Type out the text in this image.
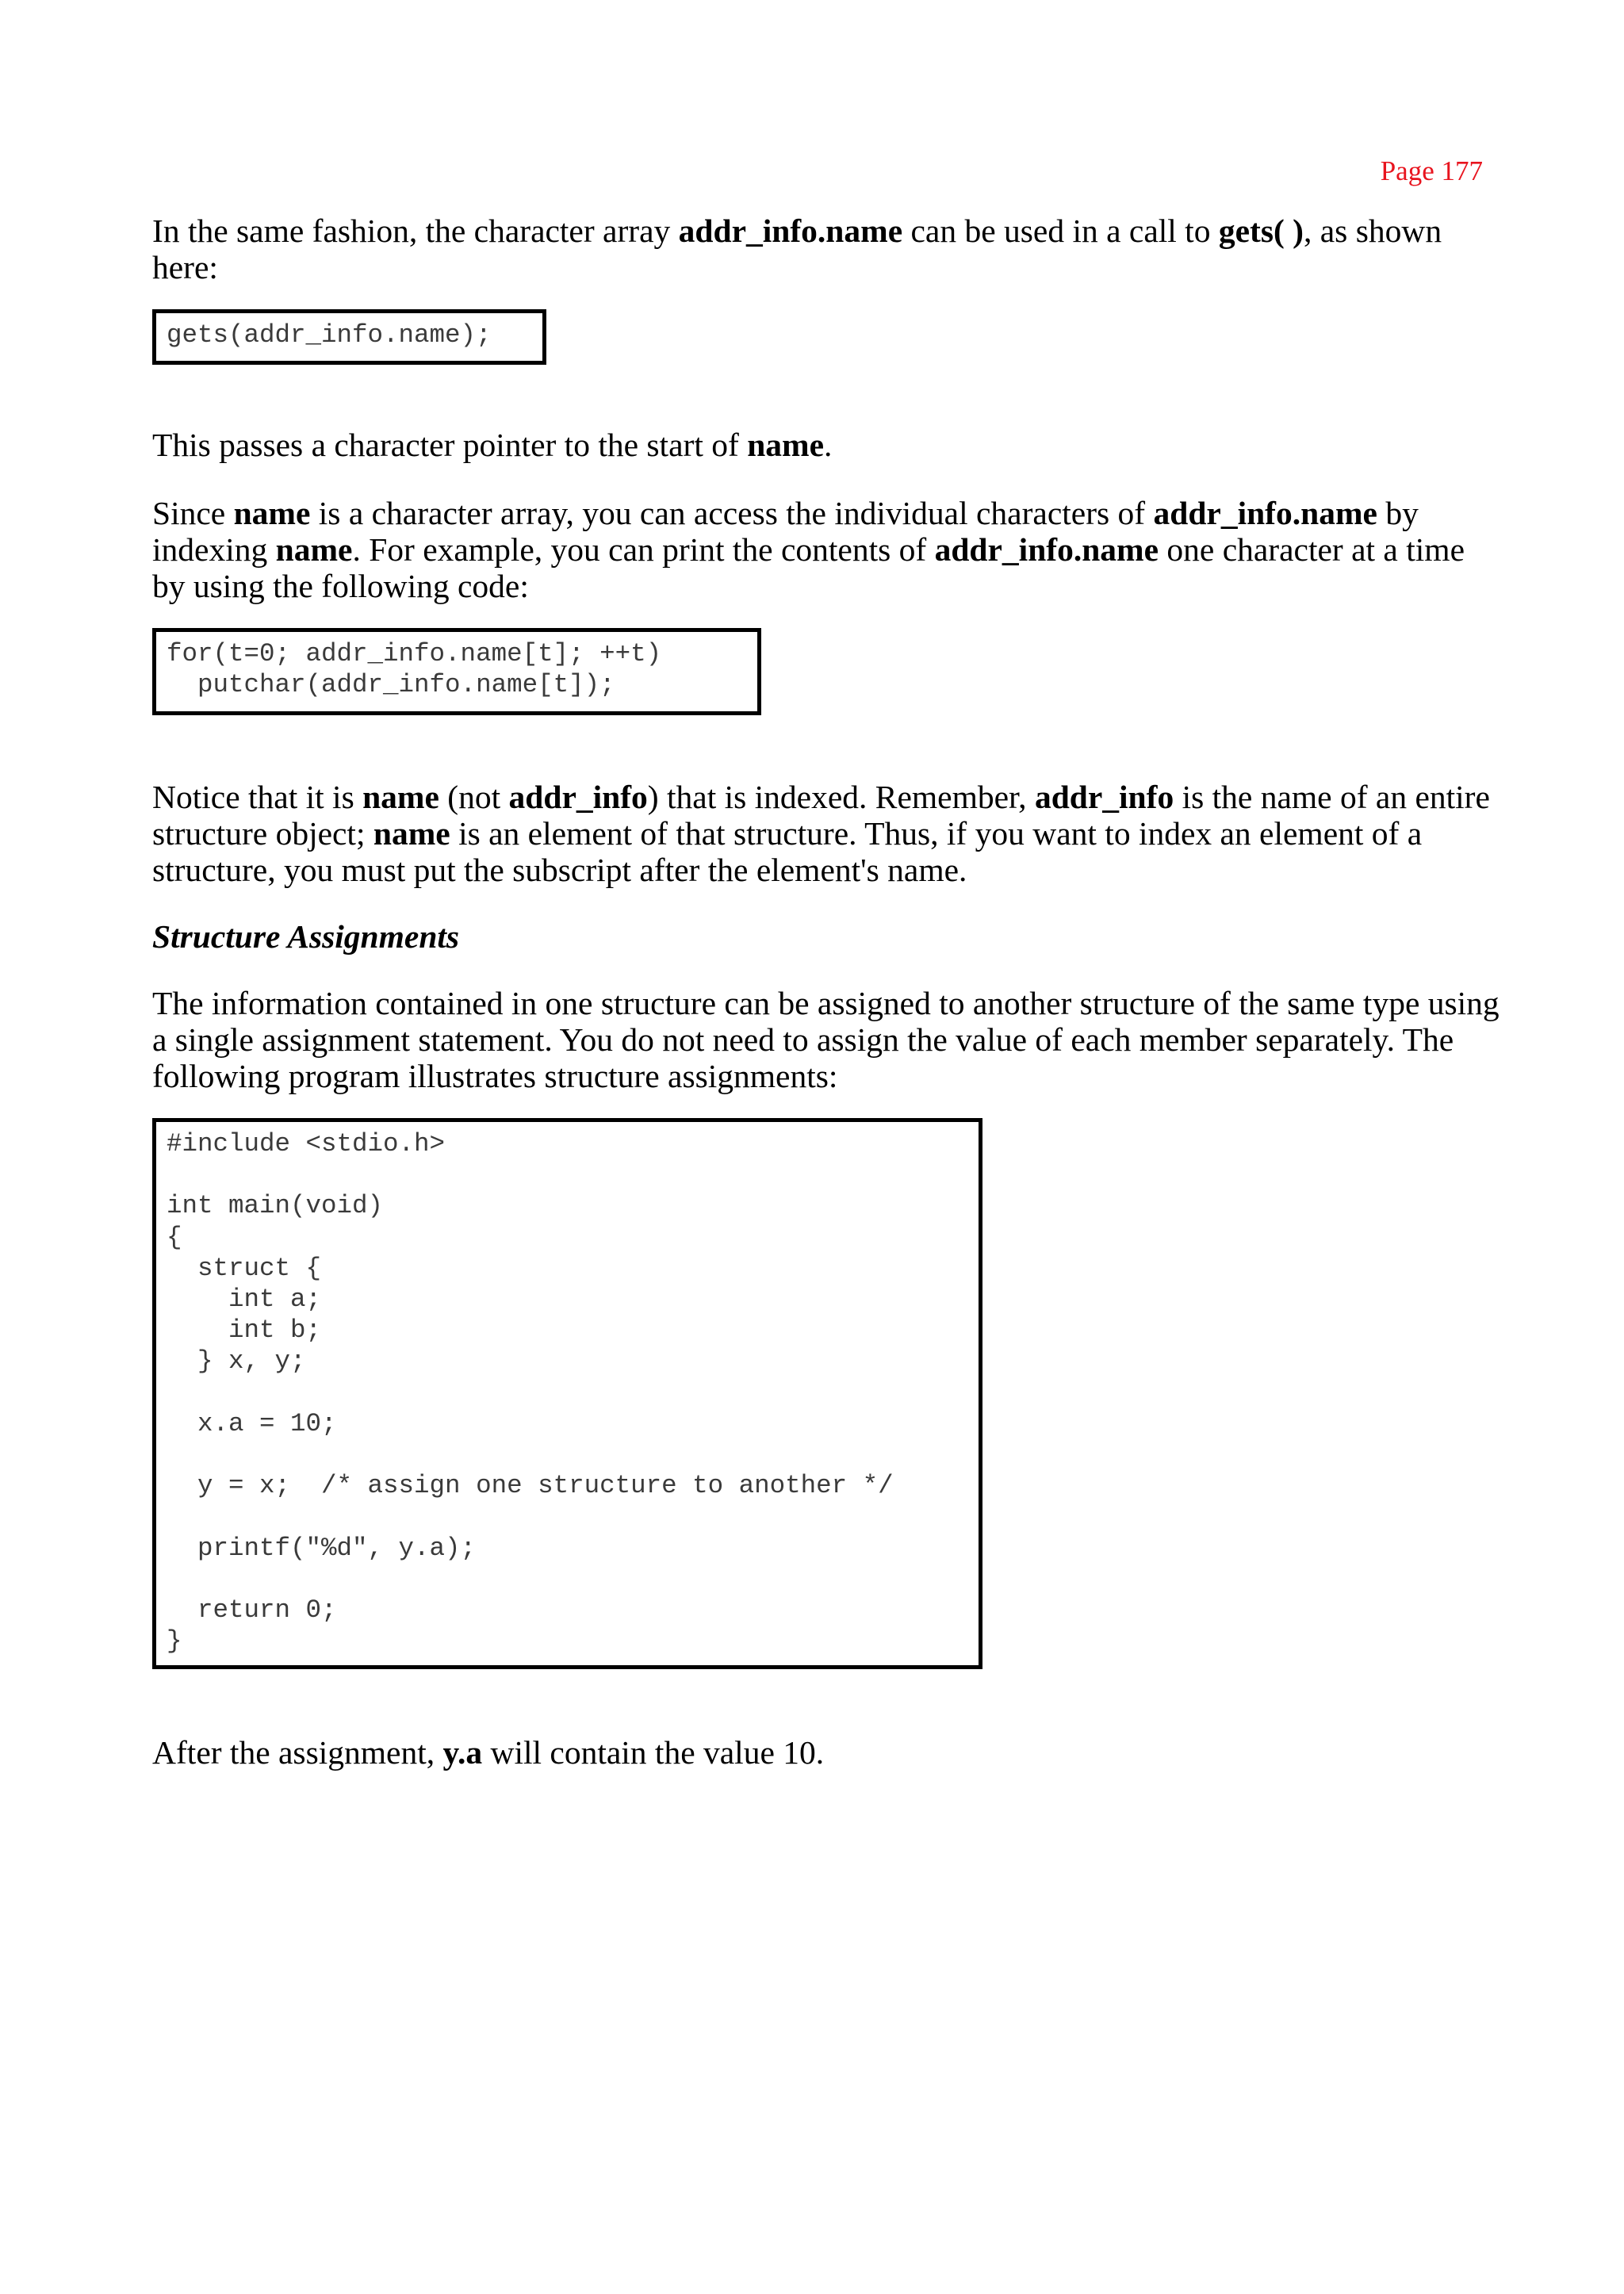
Page 177

In the same fashion, the character array addr_info.name can be used in a call to gets( ), as shown here:

gets(addr_info.name);

This passes a character pointer to the start of name.

Since name is a character array, you can access the individual characters of addr_info.name by indexing name. For example, you can print the contents of addr_info.name one character at a time by using the following code:

for(t=0; addr_info.name[t]; ++t)
putchar(addr_info.name[t]);

Notice that it is name (not addr_info) that is indexed. Remember, addr_info is the name of an entire structure object; name is an element of that structure. Thus, if you want to index an element of a structure, you must put the subscript after the element's name.

Structure Assignments

The information contained in one structure can be assigned to another structure of the same type using a single assignment statement. You do not need to assign the value of each member separately. The following program illustrates structure assignments:

#include <stdio.h>

int main(void)
{
struct {
int a;
int b;
} x, y;

x.a = 10;

y = x;  /* assign one structure to another */

printf("%d", y.a);

return 0;
}

After the assignment, y.a will contain the value 10.
